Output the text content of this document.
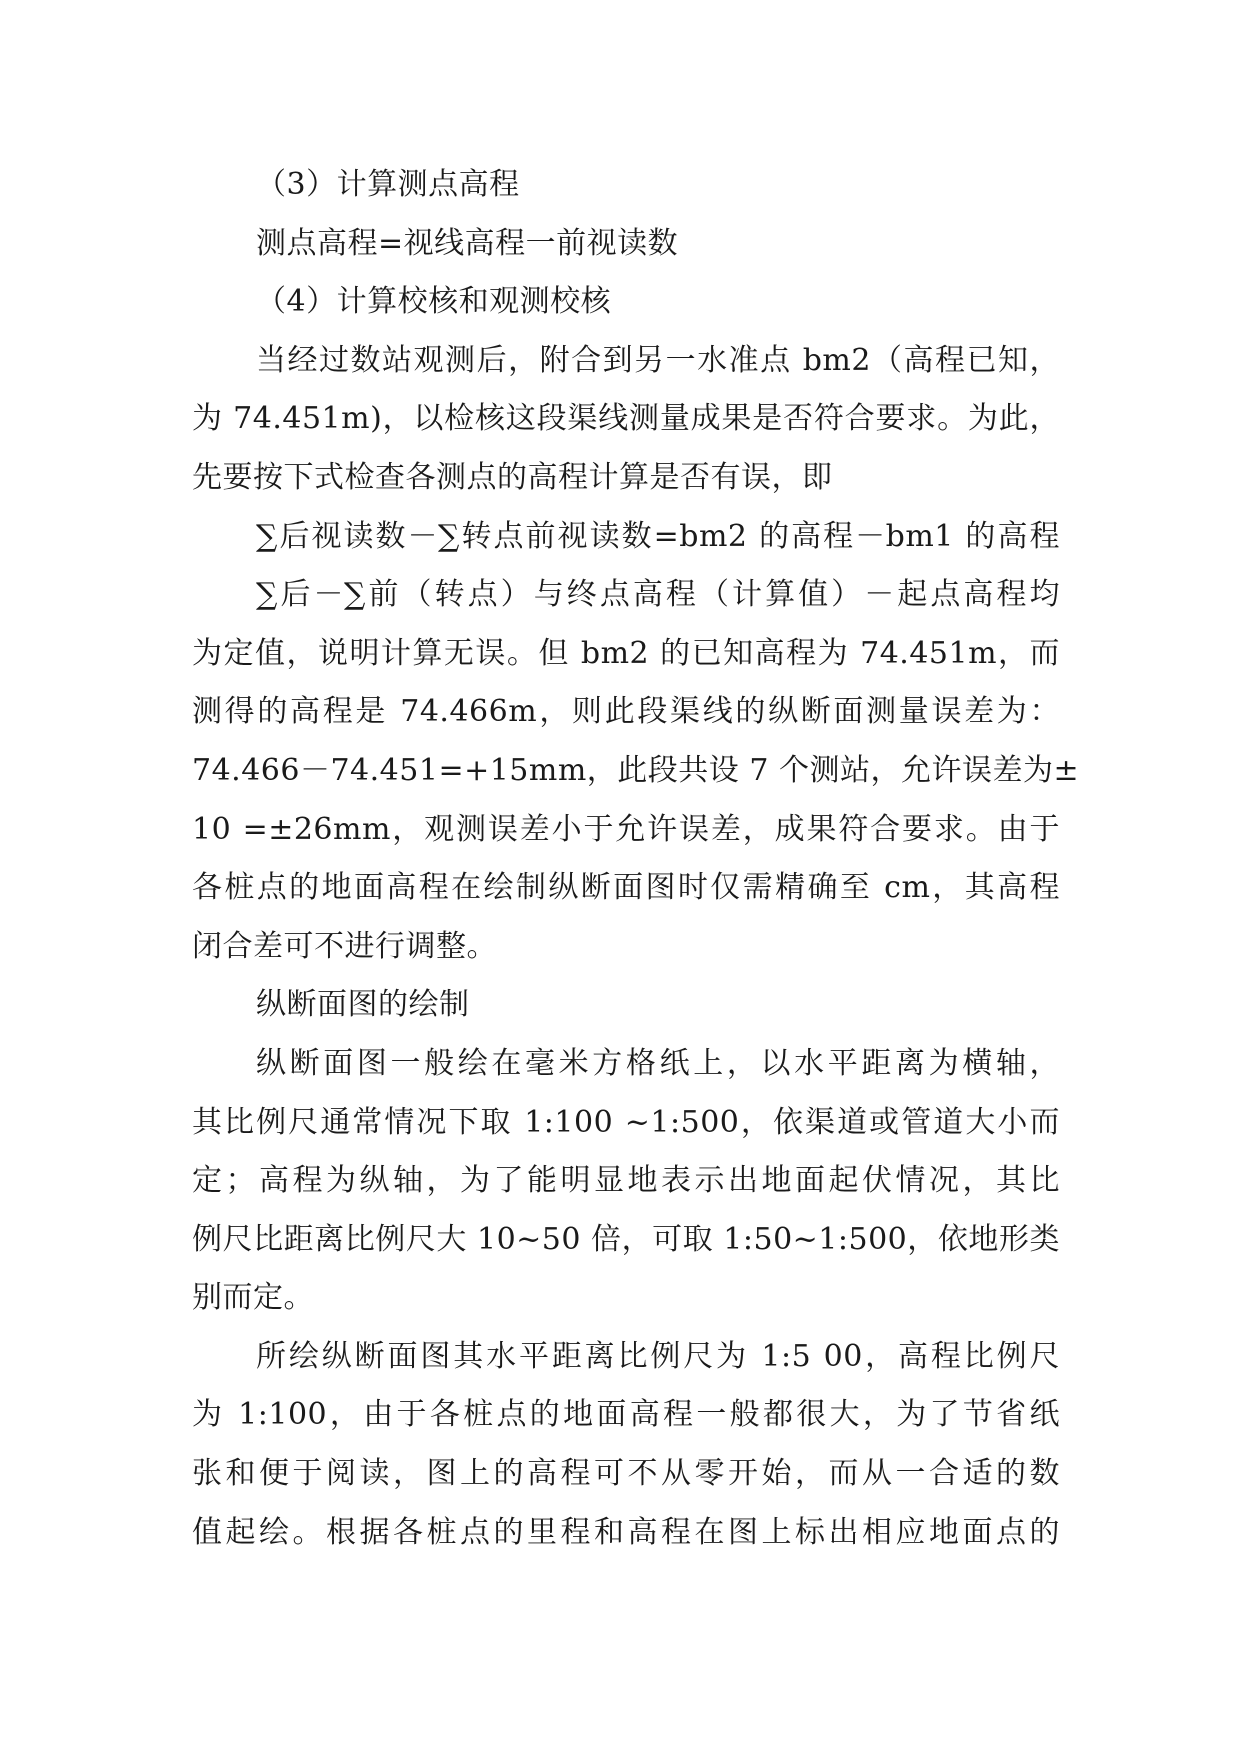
（3）计算测点高程
测点高程=视线高程一前视读数
（4）计算校核和观测校核
当经过数站观测后，附合到另一水准点 bm2（高程已知，
为 74.451m)，以检核这段渠线测量成果是否符合要求。为此，
先要按下式检查各测点的高程计算是否有误，即
∑后视读数－∑转点前视读数=bm2 的高程－bm1 的高程
∑后－∑前（转点）与终点高程（计算值）－起点高程均
为定值，说明计算无误。但 bm2 的已知高程为 74.451m，而
测得的高程是 74.466m，则此段渠线的纵断面测量误差为：
74.466－74.451=+15mm，此段共设 7 个测站，允许误差为±
10 =±26mm，观测误差小于允许误差，成果符合要求。由于
各桩点的地面高程在绘制纵断面图时仅需精确至 cm，其高程
闭合差可不进行调整。
纵断面图的绘制
纵断面图一般绘在毫米方格纸上，以水平距离为横轴，
其比例尺通常情况下取 1:100 ~1:500，依渠道或管道大小而
定；高程为纵轴，为了能明显地表示出地面起伏情况，其比
例尺比距离比例尺大 10~50 倍，可取 1:50~1:500，依地形类
别而定。
所绘纵断面图其水平距离比例尺为 1:5 00，高程比例尺
为 1:100，由于各桩点的地面高程一般都很大，为了节省纸
张和便于阅读，图上的高程可不从零开始，而从一合适的数
值起绘。根据各桩点的里程和高程在图上标出相应地面点的
